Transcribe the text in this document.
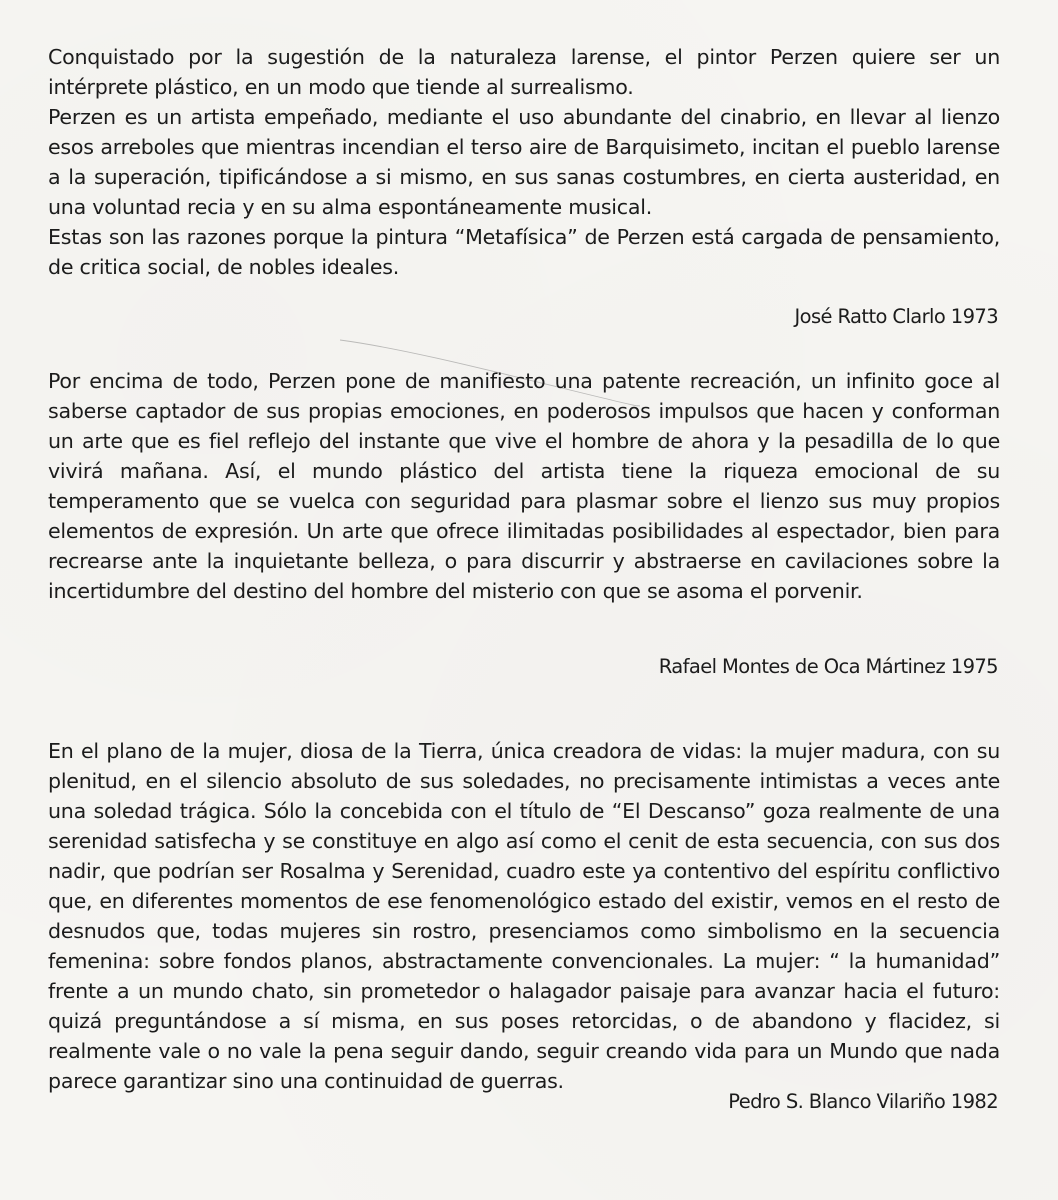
Conquistado por la sugestión de la naturaleza larense, el pintor Perzen quiere ser un intérprete plástico, en un modo que tiende al surrealismo.

Perzen es un artista empeñado, mediante el uso abundante del cinabrio, en llevar al lienzo esos arreboles que mientras incendian el terso aire de Barquisimeto, incitan el pueblo larense a la superación, tipificándose a si mismo, en sus sanas costumbres, en cierta austeridad, en una voluntad recia y en su alma espontáneamente musical.

Estas son las razones porque la pintura “Metafísica” de Perzen está cargada de pensamiento, de critica social, de nobles ideales.

José Ratto Clarlo 1973

Por encima de todo, Perzen pone de manifiesto una patente recreación, un infinito goce al saberse captador de sus propias emociones, en poderosos impulsos que hacen y conforman un arte que es fiel reflejo del instante que vive el hombre de ahora y la pesadilla de lo que vivirá mañana. Así, el mundo plástico del artista tiene la riqueza emocional de su temperamento que se vuelca con seguridad para plasmar sobre el lienzo sus muy propios elementos de expresión. Un arte que ofrece ilimitadas posibilidades al espectador, bien para recrearse ante la inquietante belleza, o para discurrir y abstraerse en cavilaciones sobre la incertidumbre del destino del hombre del misterio con que se asoma el porvenir.

Rafael Montes de Oca Mártinez 1975

En el plano de la mujer, diosa de la Tierra, única creadora de vidas: la mujer madura, con su plenitud, en el silencio absoluto de sus soledades, no precisamente intimistas a veces ante una soledad trágica. Sólo la concebida con el título de “El Descanso” goza realmente de una serenidad satisfecha y se constituye en algo así como el cenit de esta secuencia, con sus dos nadir, que podrían ser Rosalma y Serenidad, cuadro este ya contentivo del espíritu conflictivo que, en diferentes momentos de ese fenomenológico estado del existir, vemos en el resto de desnudos que, todas mujeres sin rostro, presenciamos como simbolismo en la secuencia femenina: sobre fondos planos, abstractamente convencionales. La mujer: “ la humanidad” frente a un mundo chato, sin prometedor o halagador paisaje para avanzar hacia el futuro: quizá preguntándose a sí misma, en sus poses retorcidas, o de abandono y flacidez, si realmente vale o no vale la pena seguir dando, seguir creando vida para un Mundo que nada parece garantizar sino una continuidad de guerras.

Pedro S. Blanco Vilariño 1982
